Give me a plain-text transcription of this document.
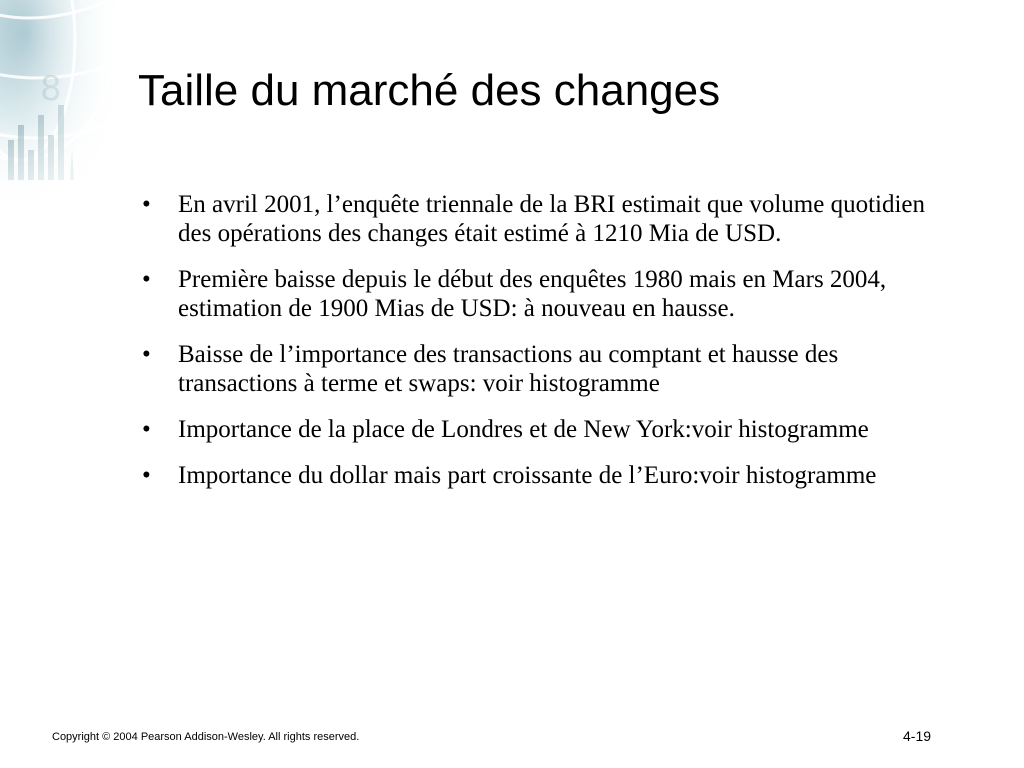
Taille du marché des changes
• En avril 2001, l’enquête triennale de la BRI estimait que volume quotidien des opérations des changes était estimé à 1210 Mia de USD.
• Première baisse depuis le début des enquêtes 1980 mais en Mars 2004, estimation de 1900 Mias de USD: à nouveau en hausse.
• Baisse de l’importance des transactions au comptant et hausse des transactions à terme et swaps: voir histogramme
• Importance de la place de Londres et de New York:voir histogramme
• Importance du dollar mais part croissante de l’Euro:voir histogramme
Copyright © 2004 Pearson Addison-Wesley. All rights reserved.	4-19
